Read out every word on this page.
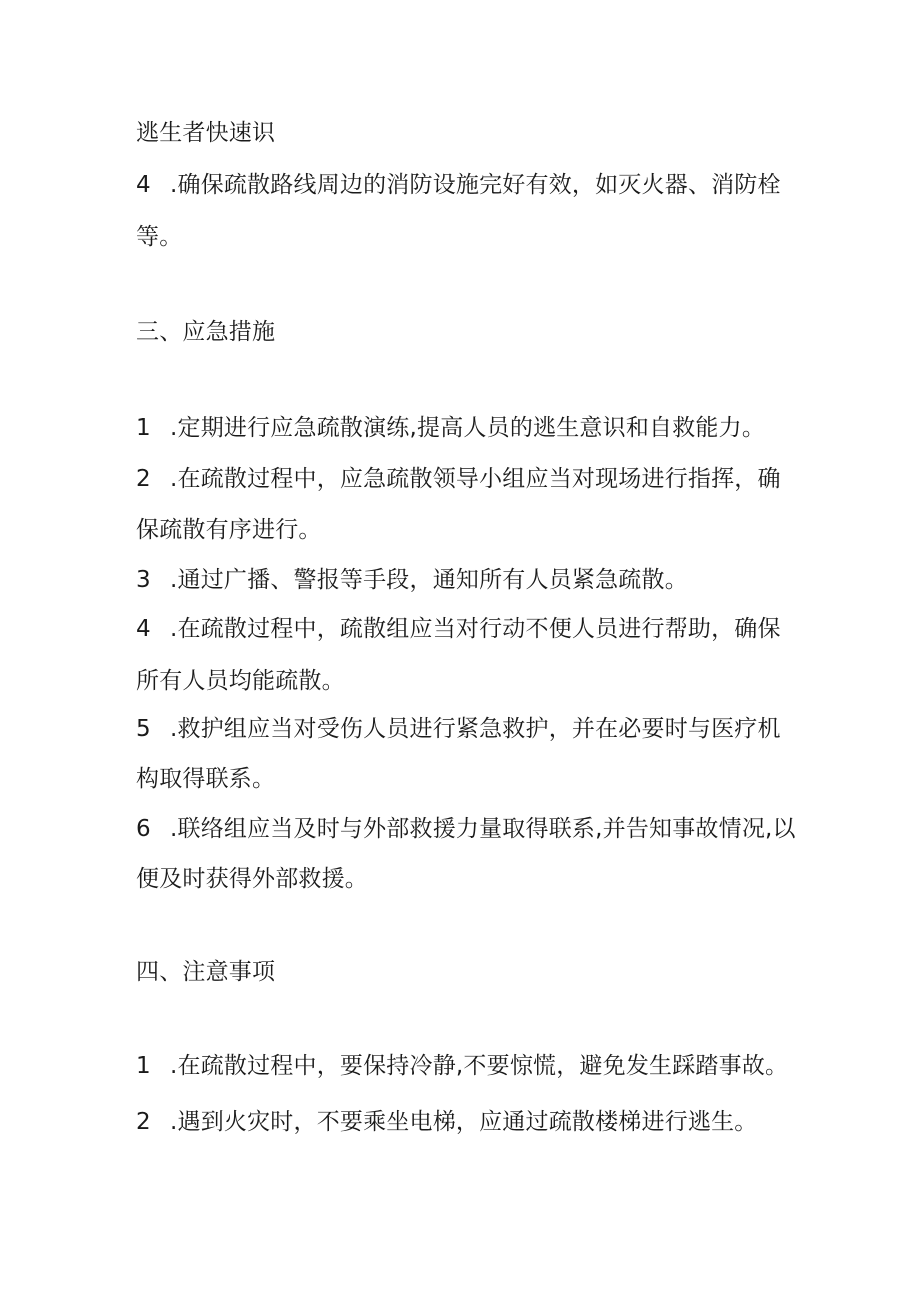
逃生者快速识
4 .确保疏散路线周边的消防设施完好有效，如灭火器、消防栓
等。
三、应急措施
1 .定期进行应急疏散演练,提高人员的逃生意识和自救能力。
2 .在疏散过程中，应急疏散领导小组应当对现场进行指挥，确
保疏散有序进行。
3 .通过广播、警报等手段，通知所有人员紧急疏散。
4 .在疏散过程中，疏散组应当对行动不便人员进行帮助，确保
所有人员均能疏散。
5 .救护组应当对受伤人员进行紧急救护，并在必要时与医疗机
构取得联系。
6 .联络组应当及时与外部救援力量取得联系,并告知事故情况,以
便及时获得外部救援。
四、注意事项
1 .在疏散过程中，要保持冷静,不要惊慌，避免发生踩踏事故。
2 .遇到火灾时，不要乘坐电梯，应通过疏散楼梯进行逃生。
